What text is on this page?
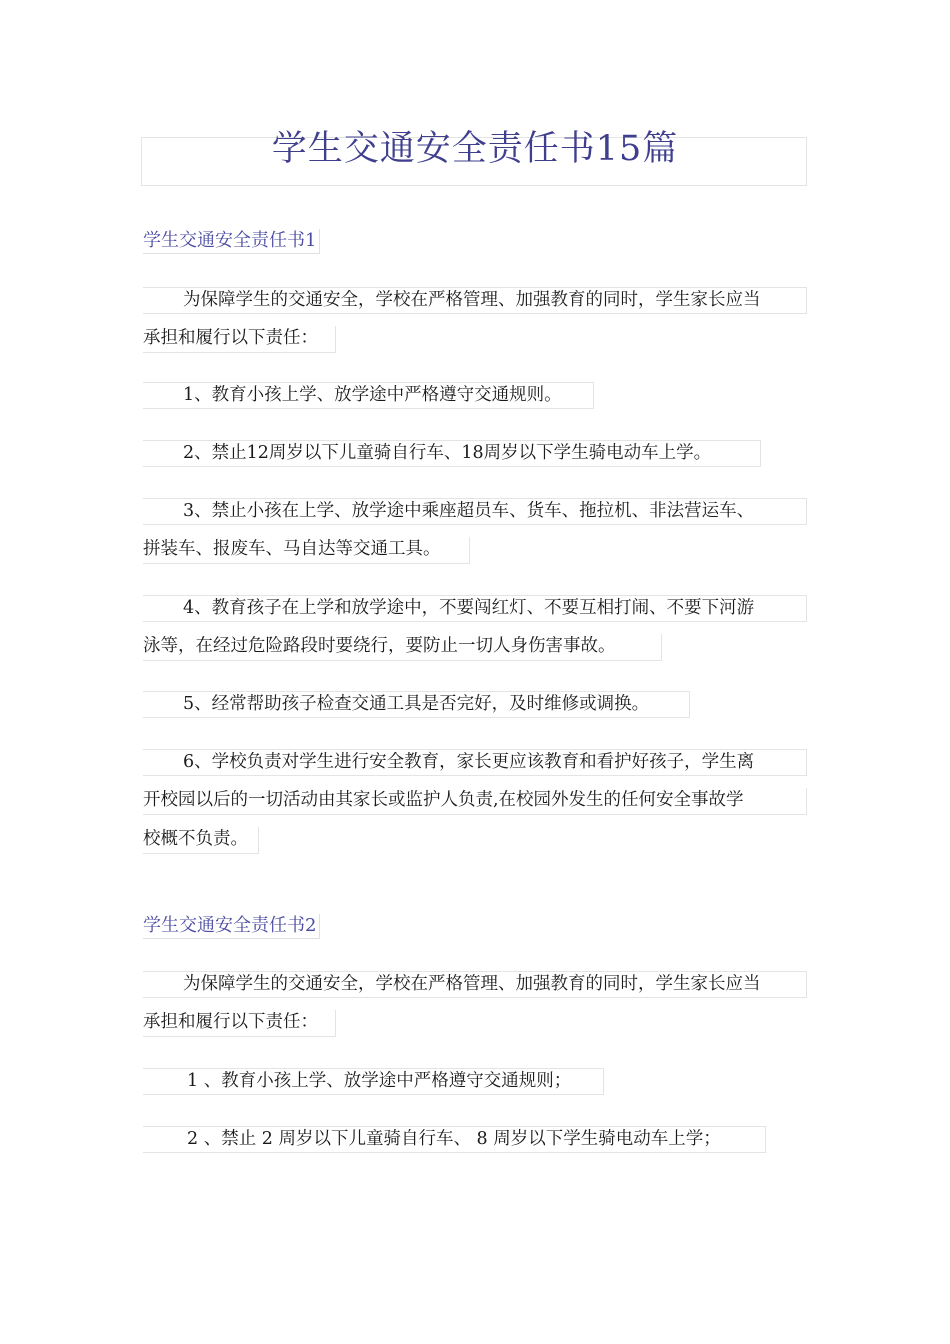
学生交通安全责任书15篇
学生交通安全责任书1
为保障学生的交通安全，学校在严格管理、加强教育的同时，学生家长应当
承担和履行以下责任：
1、教育小孩上学、放学途中严格遵守交通规则。
2、禁止12周岁以下儿童骑自行车、18周岁以下学生骑电动车上学。
3、禁止小孩在上学、放学途中乘座超员车、货车、拖拉机、非法营运车、
拼装车、报废车、马自达等交通工具。
4、教育孩子在上学和放学途中，不要闯红灯、不要互相打闹、不要下河游
泳等，在经过危险路段时要绕行，要防止一切人身伤害事故。
5、经常帮助孩子检查交通工具是否完好，及时维修或调换。
6、学校负责对学生进行安全教育，家长更应该教育和看护好孩子，学生离
开校园以后的一切活动由其家长或监护人负责,在校园外发生的任何安全事故学
校概不负责。
学生交通安全责任书2
为保障学生的交通安全，学校在严格管理、加强教育的同时，学生家长应当
承担和履行以下责任：
1 、教育小孩上学、放学途中严格遵守交通规则；
2 、禁止 2 周岁以下儿童骑自行车、 8 周岁以下学生骑电动车上学；
